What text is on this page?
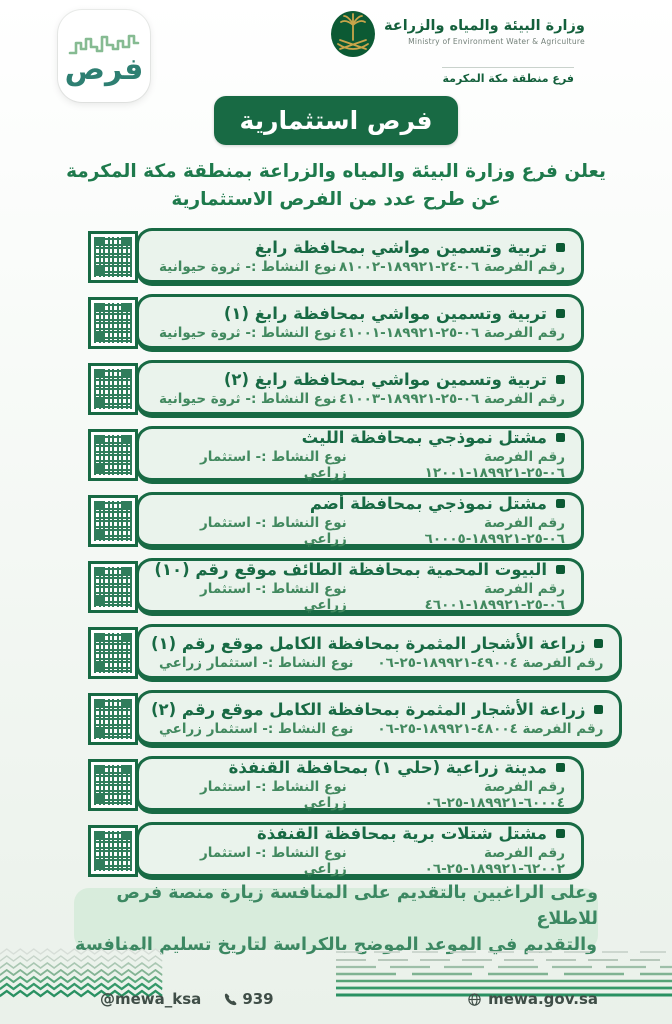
فرص
وزارة البيئة والمياه والزراعة
Ministry of Environment Water & Agriculture
فرع منطقة مكة المكرمة
فرص استثمارية
يعلن فرع وزارة البيئة والمياه والزراعة بمنطقة مكة المكرمة
عن طرح عدد من الفرص الاستثمارية
تربية وتسمين مواشي بمحافظة رابغ
رقم الفرصة ٨١٠٠٢-١٨٩٩٢١-٢٤-٠٦
نوع النشاط :- ثروة حيوانية
تربية وتسمين مواشي بمحافظة رابغ (١)
رقم الفرصة ٤١٠٠١-١٨٩٩٢١-٢٥-٠٦
نوع النشاط :- ثروة حيوانية
تربية وتسمين مواشي بمحافظة رابغ (٢)
رقم الفرصة ٤١٠٠٣-١٨٩٩٢١-٢٥-٠٦
نوع النشاط :- ثروة حيوانية
مشتل نموذجي بمحافظة الليث
رقم الفرصة ١٢٠٠١-١٨٩٩٢١-٢٥-٠٦
نوع النشاط :- استثمار زراعي
مشتل نموذجي بمحافظة أضم
رقم الفرصة ٦٠٠٠٥-١٨٩٩٢١-٢٥-٠٦
نوع النشاط :- استثمار زراعي
البيوت المحمية بمحافظة الطائف موقع رقم (١٠)
رقم الفرصة ٤٦٠٠١-١٨٩٩٢١-٢٥-٠٦
نوع النشاط :- استثمار زراعي
زراعة الأشجار المثمرة بمحافظة الكامل موقع رقم (١)
رقم الفرصة ٠٦-٢٥-١٨٩٩٢١-٤٩٠٠٤
نوع النشاط :- استثمار زراعي
زراعة الأشجار المثمرة بمحافظة الكامل موقع رقم (٢)
رقم الفرصة ٠٦-٢٥-١٨٩٩٢١-٤٨٠٠٤
نوع النشاط :- استثمار زراعي
مدينة زراعية (حلي ١) بمحافظة القنفذة
رقم الفرصة ٠٦-٢٥-١٨٩٩٢١-٦٠٠٠٤
نوع النشاط :- استثمار زراعي
مشتل شتلات برية بمحافظة القنفذة
رقم الفرصة ٠٦-٢٥-١٨٩٩٢١-٦٢٠٠٢
نوع النشاط :- استثمار زراعي
وعلى الراغبين بالتقديم على المنافسة زيارة منصة فرص للاطلاع
والتقديم في الموعد الموضح بالكراسة لتاريخ تسليم المنافسة
@mewa_ksa	939	mewa.gov.sa
